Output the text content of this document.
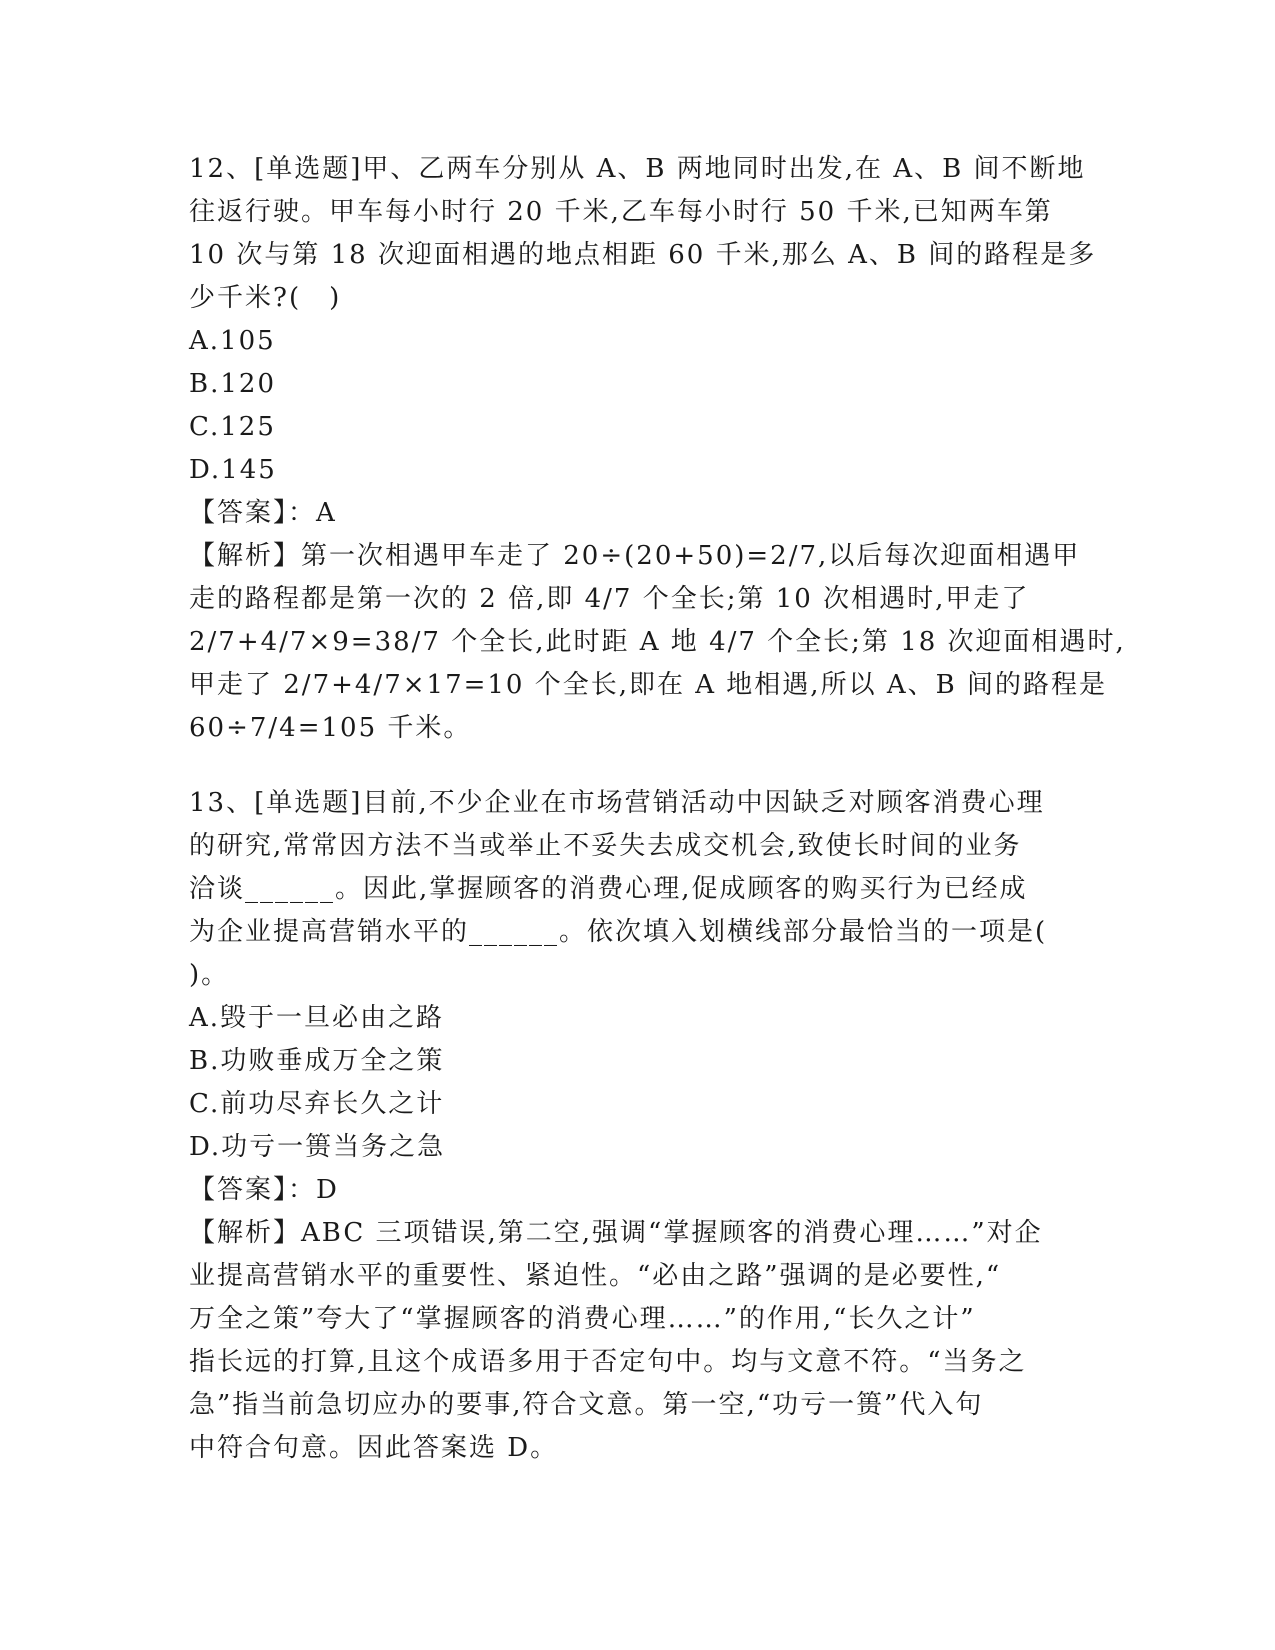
12、[单选题]甲、乙两车分别从 A、B 两地同时出发,在 A、B 间不断地
往返行驶。甲车每小时行 20 千米,乙车每小时行 50 千米,已知两车第
10 次与第 18 次迎面相遇的地点相距 60 千米,那么 A、B 间的路程是多
少千米?(　)
A.105
B.120
C.125
D.145
【答案】：A
【解析】第一次相遇甲车走了 20÷(20+50)=2/7,以后每次迎面相遇甲
走的路程都是第一次的 2 倍,即 4/7 个全长;第 10 次相遇时,甲走了
2/7+4/7×9=38/7 个全长,此时距 A 地 4/7 个全长;第 18 次迎面相遇时,
甲走了 2/7+4/7×17=10 个全长,即在 A 地相遇,所以 A、B 间的路程是
60÷7/4=105 千米。
13、[单选题]目前,不少企业在市场营销活动中因缺乏对顾客消费心理
的研究,常常因方法不当或举止不妥失去成交机会,致使长时间的业务
洽谈______。因此,掌握顾客的消费心理,促成顾客的购买行为已经成
为企业提高营销水平的______。依次填入划横线部分最恰当的一项是(
)。
A.毁于一旦必由之路
B.功败垂成万全之策
C.前功尽弃长久之计
D.功亏一篑当务之急
【答案】：D
【解析】ABC 三项错误,第二空,强调“掌握顾客的消费心理……”对企
业提高营销水平的重要性、紧迫性。“必由之路”强调的是必要性,“
万全之策”夸大了“掌握顾客的消费心理……”的作用,“长久之计”
指长远的打算,且这个成语多用于否定句中。均与文意不符。“当务之
急”指当前急切应办的要事,符合文意。第一空,“功亏一篑”代入句
中符合句意。因此答案选 D。
